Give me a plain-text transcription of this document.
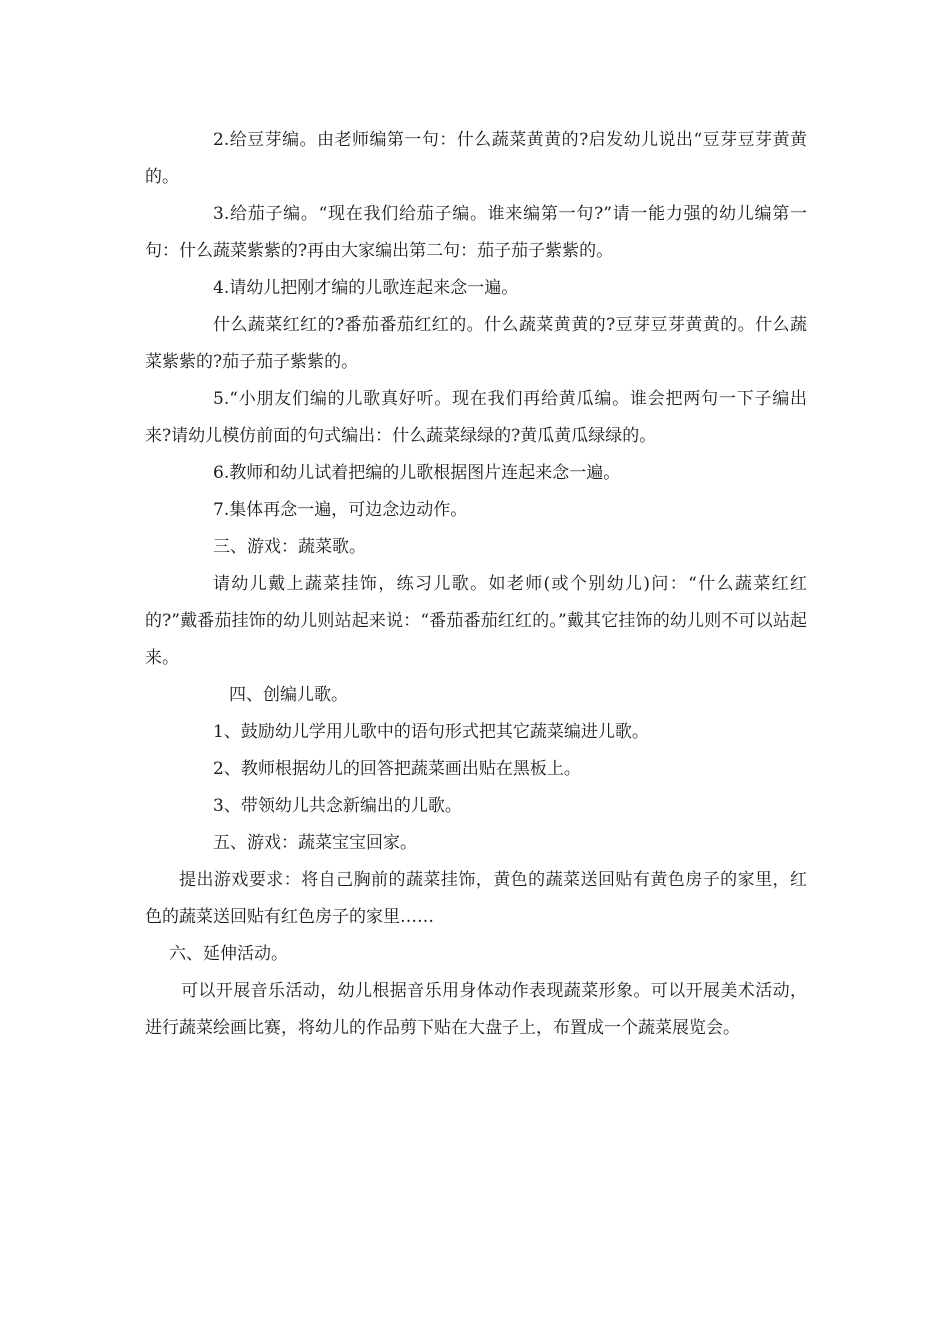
2.给豆芽编。由老师编第一句：什么蔬菜黄黄的?启发幼儿说出“豆芽豆芽黄黄的。

3.给茄子编。“现在我们给茄子编。谁来编第一句?”请一能力强的幼儿编第一句：什么蔬菜紫紫的?再由大家编出第二句：茄子茄子紫紫的。

4.请幼儿把刚才编的儿歌连起来念一遍。

什么蔬菜红红的?番茄番茄红红的。什么蔬菜黄黄的?豆芽豆芽黄黄的。什么蔬菜紫紫的?茄子茄子紫紫的。

5.“小朋友们编的儿歌真好听。现在我们再给黄瓜编。谁会把两句一下子编出来?请幼儿模仿前面的句式编出：什么蔬菜绿绿的?黄瓜黄瓜绿绿的。

6.教师和幼儿试着把编的儿歌根据图片连起来念一遍。

7.集体再念一遍，可边念边动作。

三、游戏：蔬菜歌。

请幼儿戴上蔬菜挂饰，练习儿歌。如老师(或个别幼儿)问：“什么蔬菜红红的?”戴番茄挂饰的幼儿则站起来说：“番茄番茄红红的。”戴其它挂饰的幼儿则不可以站起来。

四、创编儿歌。

1、鼓励幼儿学用儿歌中的语句形式把其它蔬菜编进儿歌。

2、教师根据幼儿的回答把蔬菜画出贴在黑板上。

3、带领幼儿共念新编出的儿歌。

五、游戏：蔬菜宝宝回家。

提出游戏要求：将自己胸前的蔬菜挂饰，黄色的蔬菜送回贴有黄色房子的家里，红色的蔬菜送回贴有红色房子的家里……

六、延伸活动。

可以开展音乐活动，幼儿根据音乐用身体动作表现蔬菜形象。可以开展美术活动，进行蔬菜绘画比赛，将幼儿的作品剪下贴在大盘子上，布置成一个蔬菜展览会。
